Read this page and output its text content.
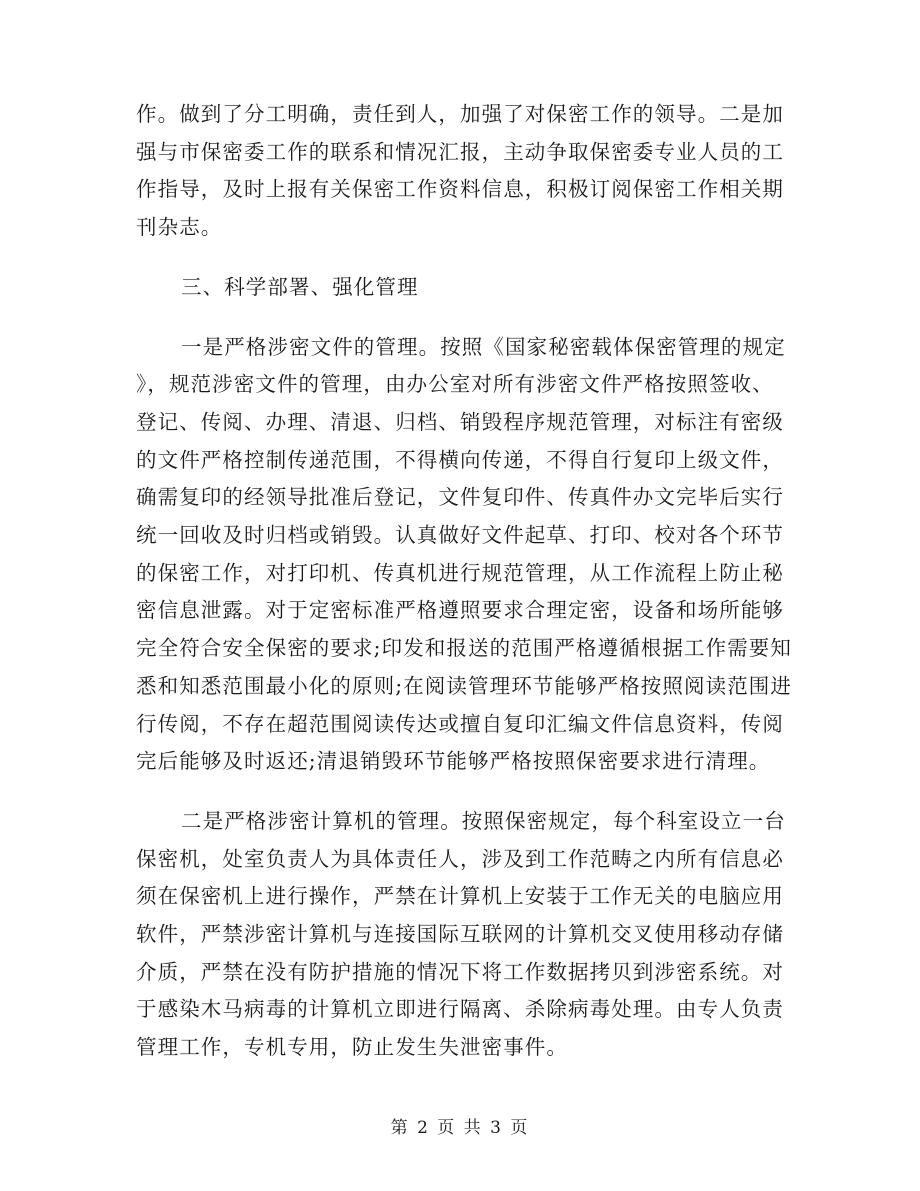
作。做到了分工明确，责任到人，加强了对保密工作的领导。二是加
强与市保密委工作的联系和情况汇报，主动争取保密委专业人员的工
作指导，及时上报有关保密工作资料信息，积极订阅保密工作相关期
刊杂志。
三、科学部署、强化管理
一是严格涉密文件的管理。按照《国家秘密载体保密管理的规定
》，规范涉密文件的管理，由办公室对所有涉密文件严格按照签收、
登记、传阅、办理、清退、归档、销毁程序规范管理，对标注有密级
的文件严格控制传递范围，不得横向传递，不得自行复印上级文件，
确需复印的经领导批准后登记，文件复印件、传真件办文完毕后实行
统一回收及时归档或销毁。认真做好文件起草、打印、校对各个环节
的保密工作，对打印机、传真机进行规范管理，从工作流程上防止秘
密信息泄露。对于定密标准严格遵照要求合理定密，设备和场所能够
完全符合安全保密的要求;印发和报送的范围严格遵循根据工作需要知
悉和知悉范围最小化的原则;在阅读管理环节能够严格按照阅读范围进
行传阅，不存在超范围阅读传达或擅自复印汇编文件信息资料，传阅
完后能够及时返还;清退销毁环节能够严格按照保密要求进行清理。
二是严格涉密计算机的管理。按照保密规定，每个科室设立一台
保密机，处室负责人为具体责任人，涉及到工作范畴之内所有信息必
须在保密机上进行操作，严禁在计算机上安装于工作无关的电脑应用
软件，严禁涉密计算机与连接国际互联网的计算机交叉使用移动存储
介质，严禁在没有防护措施的情况下将工作数据拷贝到涉密系统。对
于感染木马病毒的计算机立即进行隔离、杀除病毒处理。由专人负责
管理工作，专机专用，防止发生失泄密事件。
第 2 页 共 3 页
